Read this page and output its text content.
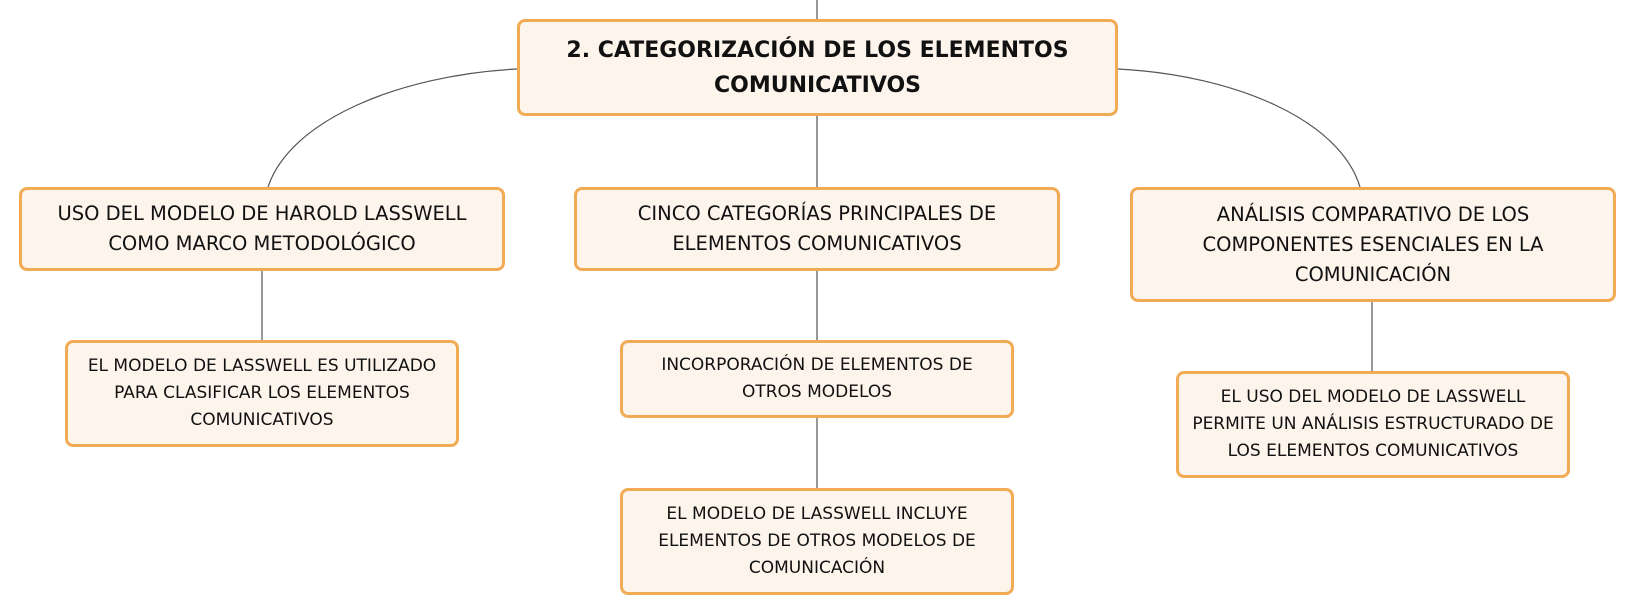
2. CATEGORIZACIÓN DE LOS ELEMENTOS COMUNICATIVOS
USO DEL MODELO DE HAROLD LASSWELL COMO MARCO METODOLÓGICO
CINCO CATEGORÍAS PRINCIPALES DE ELEMENTOS COMUNICATIVOS
ANÁLISIS COMPARATIVO DE LOS COMPONENTES ESENCIALES EN LA COMUNICACIÓN
EL MODELO DE LASSWELL ES UTILIZADO PARA CLASIFICAR LOS ELEMENTOS COMUNICATIVOS
INCORPORACIÓN DE ELEMENTOS DE OTROS MODELOS
EL MODELO DE LASSWELL INCLUYE ELEMENTOS DE OTROS MODELOS DE COMUNICACIÓN
EL USO DEL MODELO DE LASSWELL PERMITE UN ANÁLISIS ESTRUCTURADO DE LOS ELEMENTOS COMUNICATIVOS
